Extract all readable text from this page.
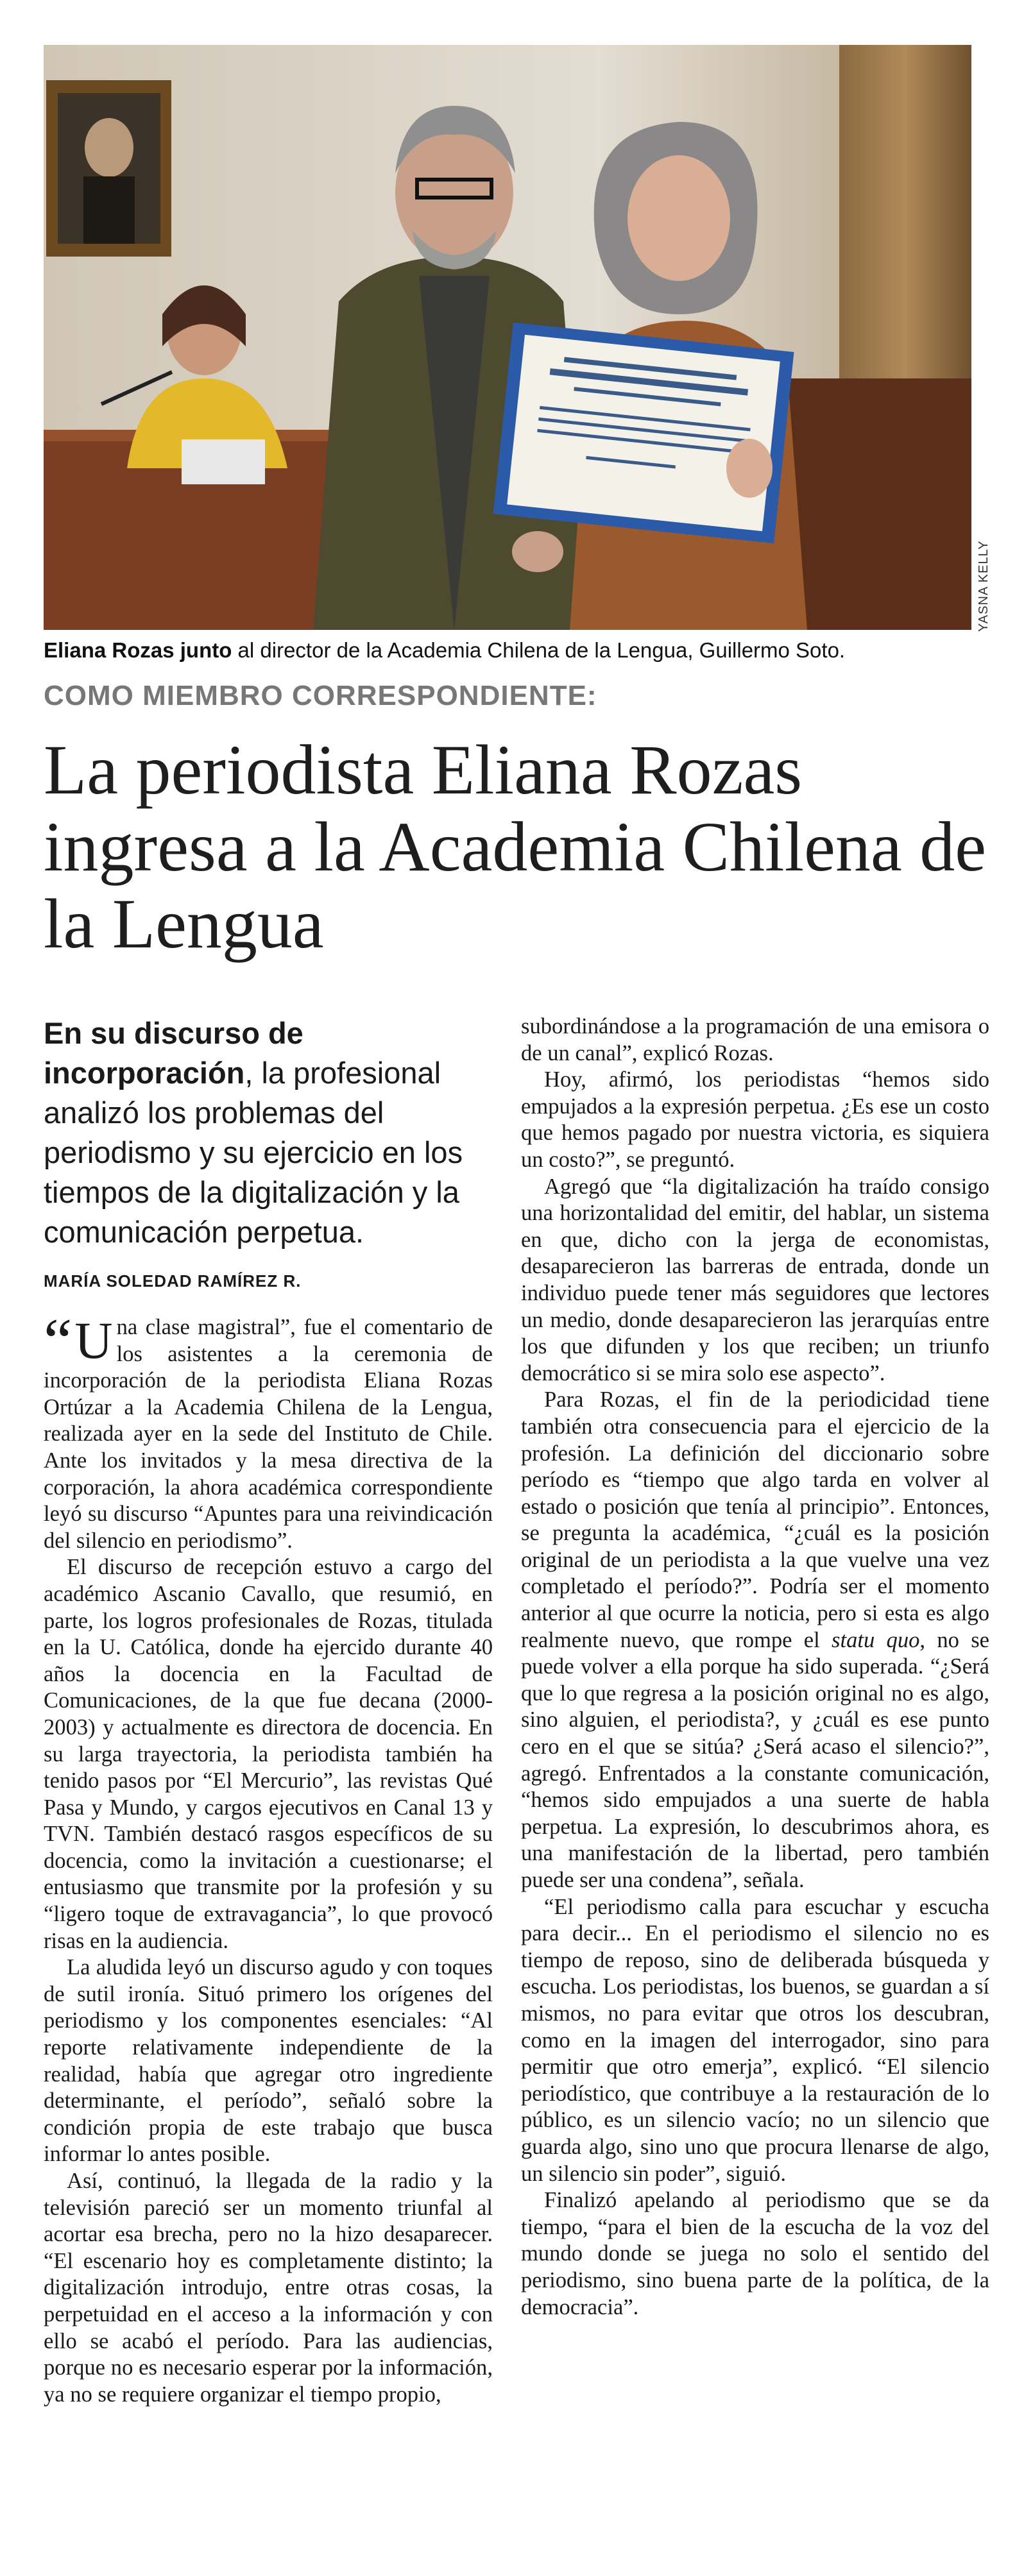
YASNA KELLY
Eliana Rozas junto al director de la Academia Chilena de la Lengua, Guillermo Soto.
COMO MIEMBRO CORRESPONDIENTE:
La periodista Eliana Rozas ingresa a la Academia Chilena de la Lengua

En su discurso de incorporación, la profesional analizó los problemas del periodismo y su ejercicio en los tiempos de la digitalización y la comunicación perpetua.

MARÍA SOLEDAD RAMÍREZ R.

“ U na clase magistral”, fue el comentario de los asistentes a la ceremonia de incorporación de la periodista Eliana Rozas Ortúzar a la Academia Chilena de la Lengua, realizada ayer en la sede del Instituto de Chile. Ante los invitados y la mesa directiva de la corporación, la ahora académica correspondiente leyó su discurso “Apuntes para una reivindicación del silencio en periodismo”.

El discurso de recepción estuvo a cargo del académico Ascanio Cavallo, que resumió, en parte, los logros profesionales de Rozas, titulada en la U. Católica, donde ha ejercido durante 40 años la docencia en la Facultad de Comunicaciones, de la que fue decana (2000-2003) y actualmente es directora de docencia. En su larga trayectoria, la periodista también ha tenido pasos por “El Mercurio”, las revistas Qué Pasa y Mundo, y cargos ejecutivos en Canal 13 y TVN. También destacó rasgos específicos de su docencia, como la invitación a cuestionarse; el entusiasmo que transmite por la profesión y su “ligero toque de extravagancia”, lo que provocó risas en la audiencia.

La aludida leyó un discurso agudo y con toques de sutil ironía. Situó primero los orígenes del periodismo y los componentes esenciales: “Al reporte relativamente independiente de la realidad, había que agregar otro ingrediente determinante, el período”, señaló sobre la condición propia de este trabajo que busca informar lo antes posible.

Así, continuó, la llegada de la radio y la televisión pareció ser un momento triunfal al acortar esa brecha, pero no la hizo desaparecer. “El escenario hoy es completamente distinto; la digitalización introdujo, entre otras cosas, la perpetuidad en el acceso a la información y con ello se acabó el período. Para las audiencias, porque no es necesario esperar por la información, ya no se requiere organizar el tiempo propio,

subordinándose a la programación de una emisora o de un canal”, explicó Rozas.

Hoy, afirmó, los periodistas “hemos sido empujados a la expresión perpetua. ¿Es ese un costo que hemos pagado por nuestra victoria, es siquiera un costo?”, se preguntó.

Agregó que “la digitalización ha traído consigo una horizontalidad del emitir, del hablar, un sistema en que, dicho con la jerga de economistas, desaparecieron las barreras de entrada, donde un individuo puede tener más seguidores que lectores un medio, donde desaparecieron las jerarquías entre los que difunden y los que reciben; un triunfo democrático si se mira solo ese aspecto”.

Para Rozas, el fin de la periodicidad tiene también otra consecuencia para el ejercicio de la profesión. La definición del diccionario sobre período es “tiempo que algo tarda en volver al estado o posición que tenía al principio”. Entonces, se pregunta la académica, “¿cuál es la posición original de un periodista a la que vuelve una vez completado el período?”. Podría ser el momento anterior al que ocurre la noticia, pero si esta es algo realmente nuevo, que rompe el statu quo, no se puede volver a ella porque ha sido superada. “¿Será que lo que regresa a la posición original no es algo, sino alguien, el periodista?, y ¿cuál es ese punto cero en el que se sitúa? ¿Será acaso el silencio?”, agregó. Enfrentados a la constante comunicación, “hemos sido empujados a una suerte de habla perpetua. La expresión, lo descubrimos ahora, es una manifestación de la libertad, pero también puede ser una condena”, señala.

“El periodismo calla para escuchar y escucha para decir... En el periodismo el silencio no es tiempo de reposo, sino de deliberada búsqueda y escucha. Los periodistas, los buenos, se guardan a sí mismos, no para evitar que otros los descubran, como en la imagen del interrogador, sino para permitir que otro emerja”, explicó. “El silencio periodístico, que contribuye a la restauración de lo público, es un silencio vacío; no un silencio que guarda algo, sino uno que procura llenarse de algo, un silencio sin poder”, siguió.

Finalizó apelando al periodismo que se da tiempo, “para el bien de la escucha de la voz del mundo donde se juega no solo el sentido del periodismo, sino buena parte de la política, de la democracia”.
